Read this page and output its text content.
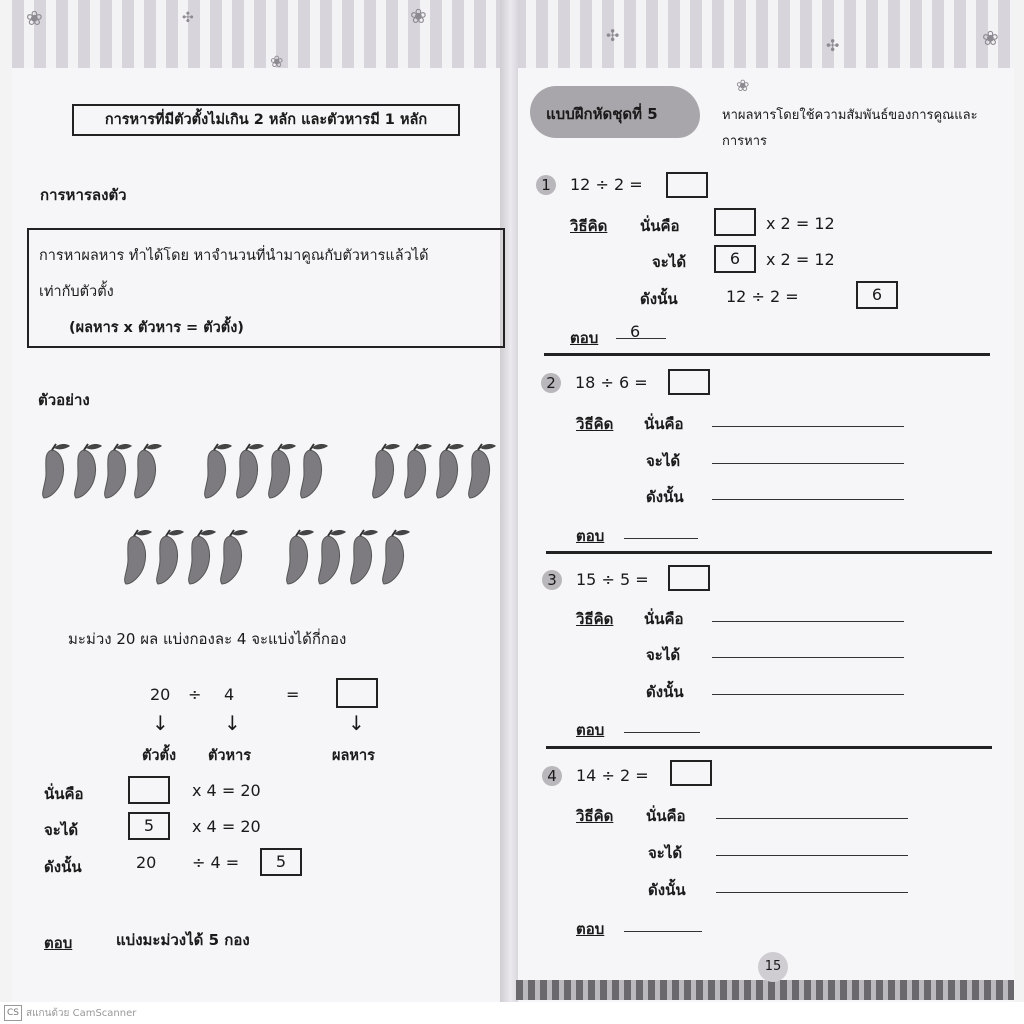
❀	✣	❀
❀
✣
✣	❀
❀
การหารที่มีตัวตั้งไม่เกิน 2 หลัก และตัวหารมี 1 หลัก
การหารลงตัว
การหาผลหาร ทำได้โดย หาจำนวนที่นำมาคูณกับตัวหารแล้วได้
เท่ากับตัวตั้ง
(ผลหาร x ตัวหาร = ตัวตั้ง)
ตัวอย่าง
มะม่วง 20 ผล แบ่งกองละ 4 จะแบ่งได้กี่กอง
20 ÷ 4	=
↓	↓	↓
ตัวตั้ง ตัวหาร	ผลหาร
นั่นคือ	x 4 = 20
จะได้	5	x 4 = 20
ดังนั้น	20 ÷ 4 =	5
ตอบ	แบ่งมะม่วงได้ 5 กอง
แบบฝึกหัดชุดที่ 5	หาผลหารโดยใช้ความสัมพันธ์ของการคูณและ
การหาร
1	12 ÷ 2 =
วิธีคิด นั่นคือ	x 2 = 12
จะได้	6	x 2 = 12
ดังนั้น	12 ÷ 2 =	6
ตอบ 6
2	18 ÷ 6 =
วิธีคิด นั่นคือ
จะได้
ดังนั้น
ตอบ
3	15 ÷ 5 =
วิธีคิด นั่นคือ
จะได้
ดังนั้น
ตอบ
4	14 ÷ 2 =
วิธีคิด นั่นคือ
จะได้
ดังนั้น
ตอบ
15
CS สแกนด้วย CamScanner
